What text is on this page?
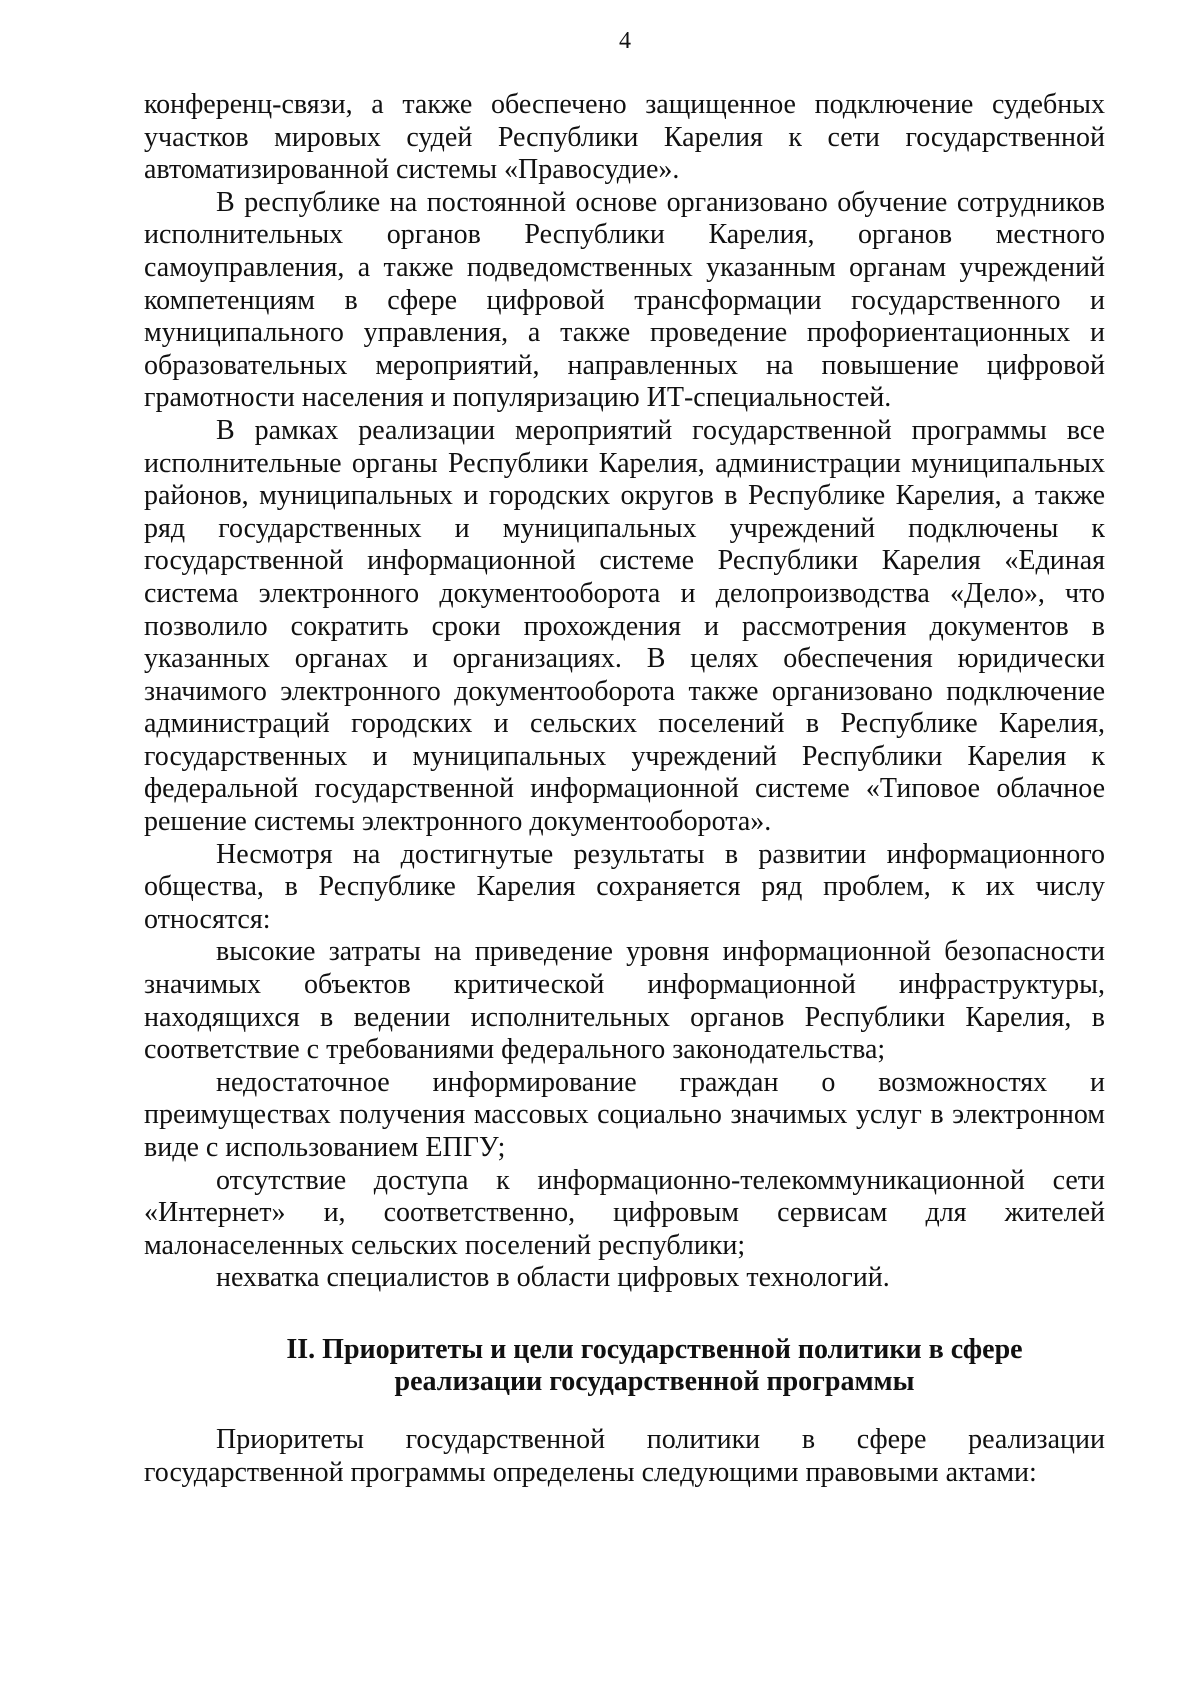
4

конференц-связи, а также обеспечено защищенное подключение судебных участков мировых судей Республики Карелия к сети государственной автоматизированной системы «Правосудие».

В республике на постоянной основе организовано обучение сотрудников исполнительных органов Республики Карелия, органов местного самоуправления, а также подведомственных указанным органам учреждений компетенциям в сфере цифровой трансформации государственного и муниципального управления, а также проведение профориентационных и образовательных мероприятий, направленных на повышение цифровой грамотности населения и популяризацию ИТ-специальностей.

В рамках реализации мероприятий государственной программы все исполнительные органы Республики Карелия, администрации муниципальных районов, муниципальных и городских округов в Республике Карелия, а также ряд государственных и муниципальных учреждений подключены к государственной информационной системе Республики Карелия «Единая система электронного документооборота и делопроизводства «Дело», что позволило сократить сроки прохождения и рассмотрения документов в указанных органах и организациях. В целях обеспечения юридически значимого электронного документооборота также организовано подключение администраций городских и сельских поселений в Республике Карелия, государственных и муниципальных учреждений Республики Карелия к федеральной государственной информационной системе «Типовое облачное решение системы электронного документооборота».

Несмотря на достигнутые результаты в развитии информационного общества, в Республике Карелия сохраняется ряд проблем, к их числу относятся:

высокие затраты на приведение уровня информационной безопасности значимых объектов критической информационной инфраструктуры, находящихся в ведении исполнительных органов Республики Карелия, в соответствие с требованиями федерального законодательства;

недостаточное информирование граждан о возможностях и преимуществах получения массовых социально значимых услуг в электронном виде с использованием ЕПГУ;

отсутствие доступа к информационно-телекоммуникационной сети «Интернет» и, соответственно, цифровым сервисам для жителей малонаселенных сельских поселений республики;

нехватка специалистов в области цифровых технологий.

II. Приоритеты и цели государственной политики в сфере
реализации государственной программы

Приоритеты государственной политики в сфере реализации государственной программы определены следующими правовыми актами:
